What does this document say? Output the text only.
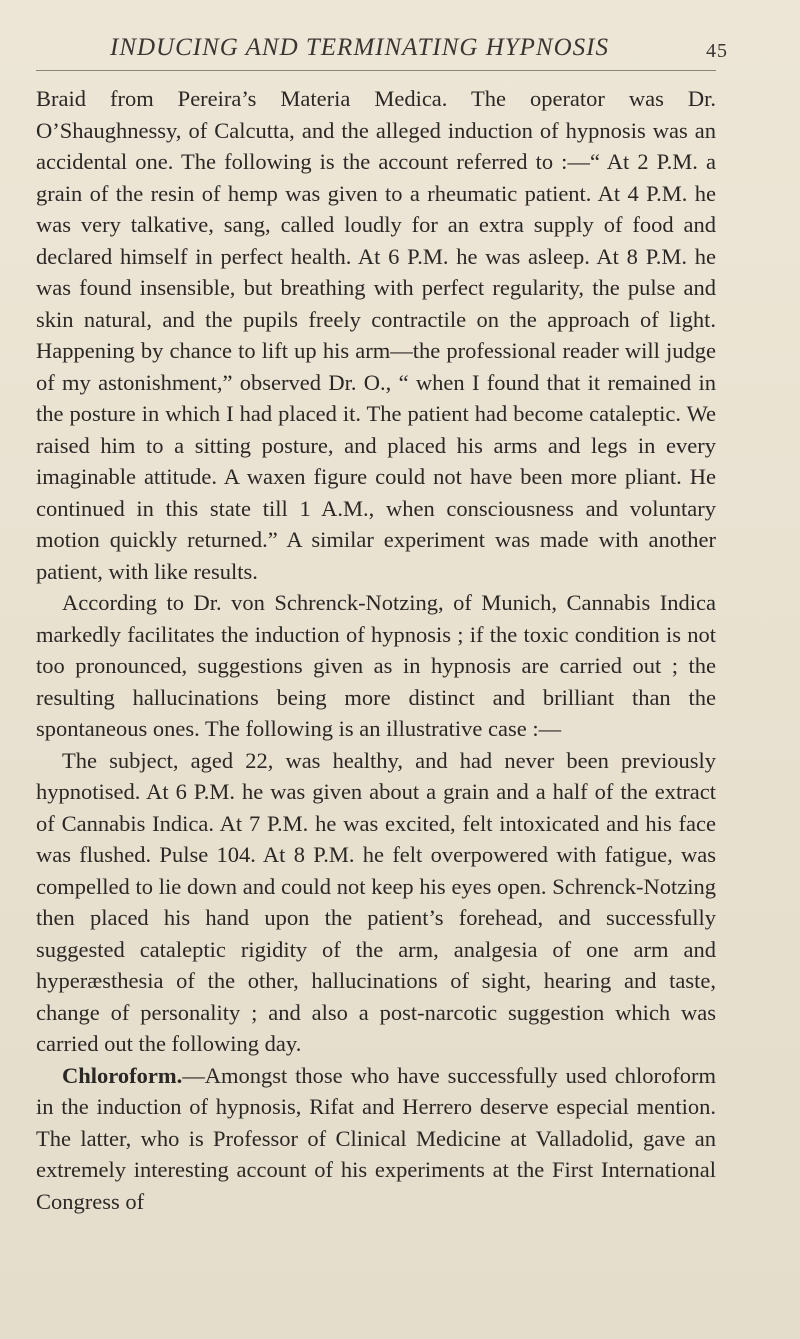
INDUCING AND TERMINATING HYPNOSIS	45

Braid from Pereira’s Materia Medica. The operator was Dr. O’Shaughnessy, of Calcutta, and the alleged induction of hypnosis was an accidental one. The following is the account referred to :—“ At 2 P.M. a grain of the resin of hemp was given to a rheumatic patient. At 4 P.M. he was very talkative, sang, called loudly for an extra supply of food and declared himself in perfect health. At 6 P.M. he was asleep. At 8 P.M. he was found insensible, but breathing with perfect regularity, the pulse and skin natural, and the pupils freely contractile on the approach of light. Happening by chance to lift up his arm—the professional reader will judge of my astonishment,” observed Dr. O., “ when I found that it remained in the posture in which I had placed it. The patient had become cataleptic. We raised him to a sitting posture, and placed his arms and legs in every imaginable attitude. A waxen figure could not have been more pliant. He continued in this state till 1 A.M., when consciousness and voluntary motion quickly returned.” A similar experiment was made with another patient, with like results.

According to Dr. von Schrenck-Notzing, of Munich, Cannabis Indica markedly facilitates the induction of hypnosis ; if the toxic condition is not too pronounced, suggestions given as in hypnosis are carried out ; the resulting hallucinations being more distinct and brilliant than the spontaneous ones. The following is an illustrative case :—

The subject, aged 22, was healthy, and had never been previously hypnotised. At 6 P.M. he was given about a grain and a half of the extract of Cannabis Indica. At 7 P.M. he was excited, felt intoxicated and his face was flushed. Pulse 104. At 8 P.M. he felt overpowered with fatigue, was compelled to lie down and could not keep his eyes open. Schrenck-Notzing then placed his hand upon the patient’s forehead, and successfully suggested cataleptic rigidity of the arm, analgesia of one arm and hyperæsthesia of the other, hallucinations of sight, hearing and taste, change of personality ; and also a post-narcotic suggestion which was carried out the following day.

Chloroform.—Amongst those who have successfully used chloroform in the induction of hypnosis, Rifat and Herrero deserve especial mention. The latter, who is Professor of Clinical Medicine at Valladolid, gave an extremely interesting account of his experiments at the First International Congress of
